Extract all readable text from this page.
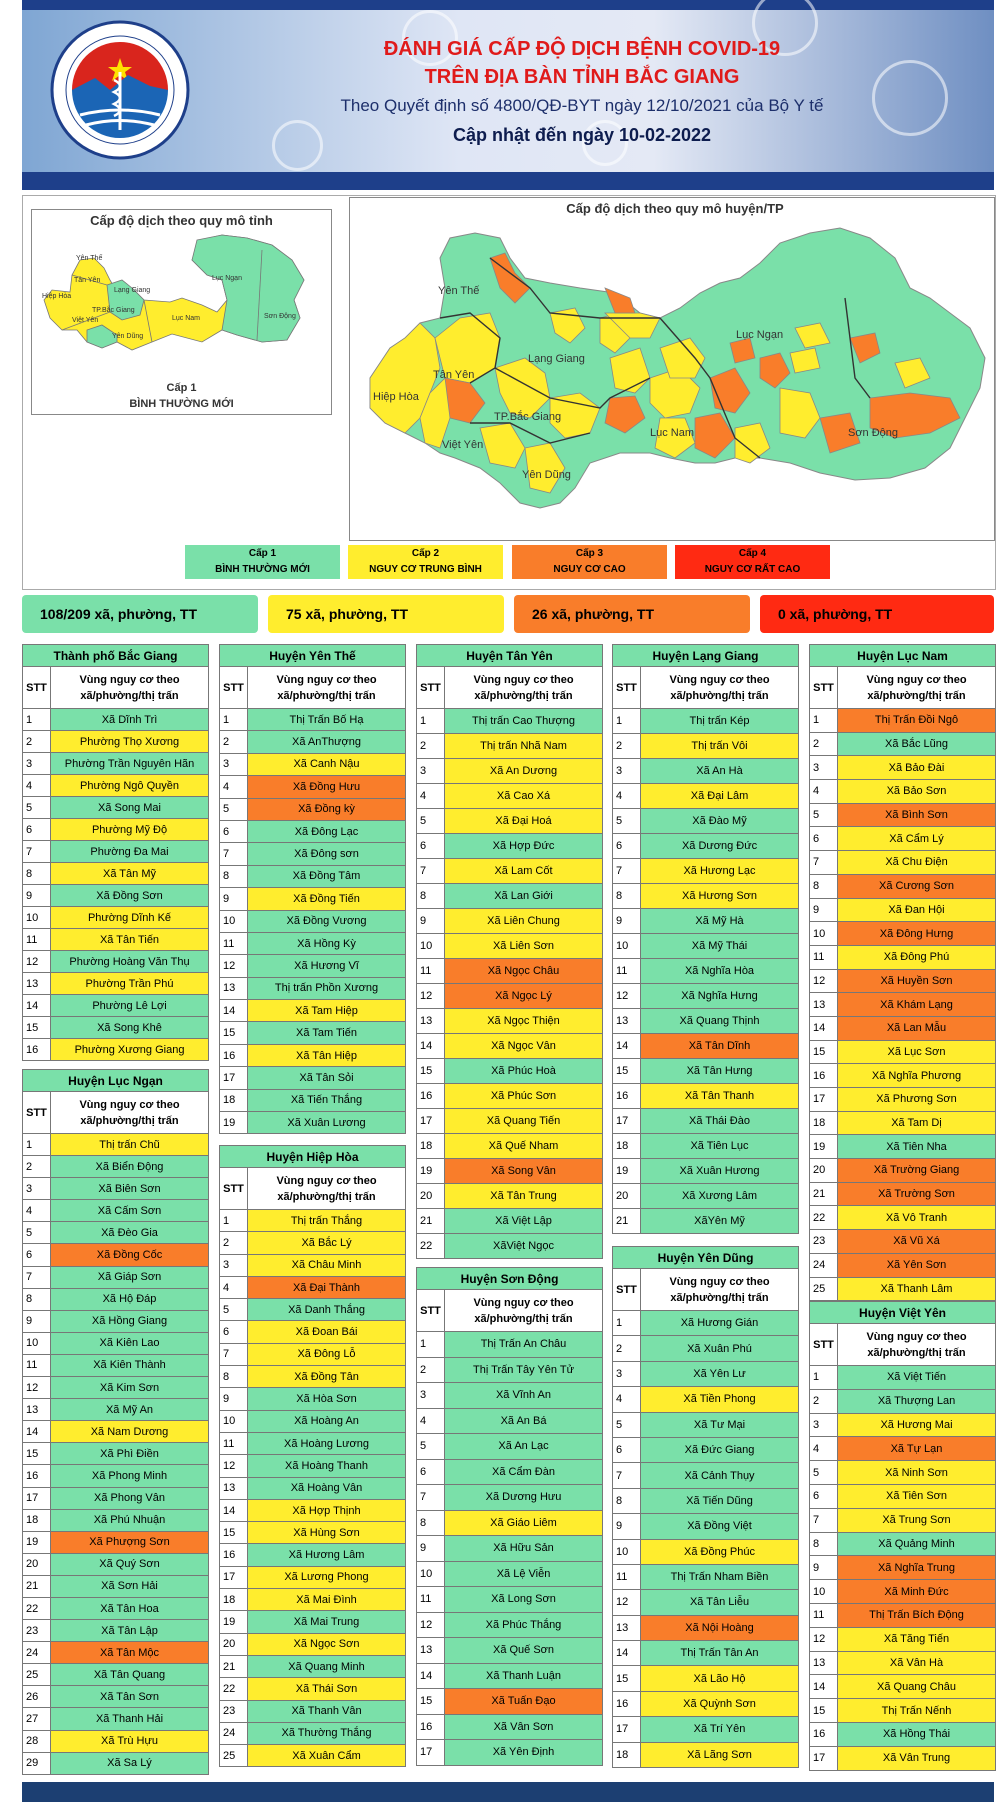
ĐÁNH GIÁ CẤP ĐỘ DỊCH BỆNH COVID-19
TRÊN ĐỊA BÀN TỈNH BẮC GIANG
Theo Quyết định số 4800/QĐ-BYT ngày 12/10/2021 của Bộ Y tế
Cập nhật đến ngày 10-02-2022
Cấp độ dịch theo quy mô tỉnh
Yên Thế
Tân Yên
Hiệp Hòa
Việt Yên
TP.Bắc Giang
Lạng Giang
Yên Dũng
Lục Nam
Lục Ngạn
Sơn Động
Cấp 1
BÌNH THƯỜNG MỚI
Cấp độ dịch theo quy mô huyện/TP
Yên Thế
Tân Yên
Hiệp Hòa
Lạng Giang
TP.Bắc Giang
Việt Yên
Yên Dũng
Lục Nam
Lục Ngạn
Sơn Động
Cấp 1
BÌNH THƯỜNG MỚI
Cấp 2
NGUY CƠ TRUNG BÌNH
Cấp 3
NGUY CƠ CAO
Cấp 4
NGUY CƠ RẤT CAO
108/209 xã, phường, TT	75 xã, phường, TT	26 xã, phường, TT	0 xã, phường, TT
Thành phố Bắc Giang	
STT	Vùng nguy cơ theo xã/phường/thị trấn
1	Xã Dĩnh Trì
2	Phường Thọ Xương
3	Phường Trần Nguyên Hãn
4	Phường Ngô Quyền
5	Xã Song Mai
6	Phường Mỹ Độ
7	Phường Đa Mai
8	Xã Tân Mỹ
9	Xã Đồng Sơn
10	Phường Dĩnh Kế
11	Xã Tân Tiến
12	Phường Hoàng Văn Thụ
13	Phường Trần Phú
14	Phường Lê Lợi
15	Xã Song Khê
16	Phường Xương Giang
Huyện Lục Ngạn	
STT	Vùng nguy cơ theo xã/phường/thị trấn
1	Thị trấn Chũ
2	Xã Biển Động
3	Xã Biên Sơn
4	Xã Cấm Sơn
5	Xã Đèo Gia
6	Xã Đồng Cốc
7	Xã Giáp Sơn
8	Xã Hộ Đáp
9	Xã Hồng Giang
10	Xã Kiên Lao
11	Xã Kiên Thành
12	Xã Kim Sơn
13	Xã Mỹ An
14	Xã Nam Dương
15	Xã Phì Điền
16	Xã Phong Minh
17	Xã Phong Vân
18	Xã Phú Nhuận
19	Xã Phượng Sơn
20	Xã Quý Sơn
21	Xã Sơn Hải
22	Xã Tân Hoa
23	Xã Tân Lập
24	Xã Tân Mộc
25	Xã Tân Quang
26	Xã Tân Sơn
27	Xã Thanh Hải
28	Xã Trù Hựu
29	Xã Sa Lý
Huyện Yên Thế	
STT	Vùng nguy cơ theo xã/phường/thị trấn
1	Thị Trấn Bố Hạ
2	Xã AnThượng
3	Xã Canh Nậu
4	Xã Đồng Hưu
5	Xã Đồng kỳ
6	Xã Đông Lạc
7	Xã Đông sơn
8	Xã Đồng Tâm
9	Xã Đồng Tiến
10	Xã Đồng Vương
11	Xã Hồng Kỳ
12	Xã Hương Vĩ
13	Thị trấn Phồn Xương
14	Xã Tam Hiệp
15	Xã Tam Tiến
16	Xã Tân Hiệp
17	Xã Tân Sỏi
18	Xã Tiến Thắng
19	Xã Xuân Lương
Huyện Hiệp Hòa	
STT	Vùng nguy cơ theo xã/phường/thị trấn
1	Thị trấn Thắng
2	Xã Bắc Lý
3	Xã Châu Minh
4	Xã Đại Thành
5	Xã Danh Thắng
6	Xã Đoan Bái
7	Xã Đông Lỗ
8	Xã Đồng Tân
9	Xã Hòa Sơn
10	Xã Hoàng An
11	Xã Hoàng Lương
12	Xã Hoàng Thanh
13	Xã Hoàng Vân
14	Xã Hợp Thịnh
15	Xã Hùng Sơn
16	Xã Hương Lâm
17	Xã Lương Phong
18	Xã Mai Đình
19	Xã Mai Trung
20	Xã Ngọc Sơn
21	Xã Quang Minh
22	Xã Thái Sơn
23	Xã Thanh Vân
24	Xã Thường Thắng
25	Xã Xuân Cẩm
Huyện Tân Yên	
STT	Vùng nguy cơ theo xã/phường/thị trấn
1	Thị trấn Cao Thượng
2	Thị trấn Nhã Nam
3	Xã An Dương
4	Xã Cao Xá
5	Xã Đại Hoá
6	Xã Hợp Đức
7	Xã Lam Cốt
8	Xã Lan Giới
9	Xã Liên Chung
10	Xã Liên Sơn
11	Xã Ngọc Châu
12	Xã Ngọc Lý
13	Xã Ngọc Thiện
14	Xã Ngọc Vân
15	Xã Phúc Hoà
16	Xã Phúc Sơn
17	Xã Quang Tiến
18	Xã Quế Nham
19	Xã Song Vân
20	Xã Tân Trung
21	Xã Việt Lập
22	XãViệt Ngọc
Huyện Sơn Động	
STT	Vùng nguy cơ theo xã/phường/thị trấn
1	Thị Trấn An Châu
2	Thị Trấn Tây Yên Tử
3	Xã Vĩnh An
4	Xã An Bá
5	Xã An Lạc
6	Xã Cẩm Đàn
7	Xã Dương Hưu
8	Xã Giáo Liêm
9	Xã Hữu Sản
10	Xã Lệ Viễn
11	Xã Long Sơn
12	Xã Phúc Thắng
13	Xã Quế Sơn
14	Xã Thanh Luận
15	Xã Tuấn Đạo
16	Xã Vân Sơn
17	Xã Yên Định
Huyện Lạng Giang	
STT	Vùng nguy cơ theo xã/phường/thị trấn
1	Thị trấn Kép
2	Thị trấn Vôi
3	Xã An Hà
4	Xã Đại Lâm
5	Xã Đào Mỹ
6	Xã Dương Đức
7	Xã Hương Lạc
8	Xã Hương Sơn
9	Xã Mỹ Hà
10	Xã Mỹ Thái
11	Xã Nghĩa Hòa
12	Xã Nghĩa Hưng
13	Xã Quang Thịnh
14	Xã Tân Dĩnh
15	Xã Tân Hưng
16	Xã Tân Thanh
17	Xã Thái Đào
18	Xã Tiên Lục
19	Xã Xuân Hương
20	Xã Xương Lâm
21	XãYên Mỹ
Huyện Yên Dũng	
STT	Vùng nguy cơ theo xã/phường/thị trấn
1	Xã Hương Gián
2	Xã Xuân Phú
3	Xã Yên Lư
4	Xã Tiền Phong
5	Xã Tư Mại
6	Xã Đức Giang
7	Xã Cảnh Thụy
8	Xã Tiến Dũng
9	Xã Đồng Việt
10	Xã Đồng Phúc
11	Thị Trấn Nham Biền
12	Xã Tân Liễu
13	Xã Nội Hoàng
14	Thị Trấn Tân An
15	Xã Lão Hộ
16	Xã Quỳnh Sơn
17	Xã Trí Yên
18	Xã Lãng Sơn
Huyện Lục Nam	
STT	Vùng nguy cơ theo xã/phường/thị trấn
1	Thị Trấn Đồi Ngô
2	Xã Bắc Lũng
3	Xã Bảo Đài
4	Xã Bảo Sơn
5	Xã Bình Sơn
6	Xã Cẩm Lý
7	Xã Chu Điện
8	Xã Cương Sơn
9	Xã Đan Hội
10	Xã Đông Hưng
11	Xã Đông Phú
12	Xã Huyền Sơn
13	Xã Khám Lạng
14	Xã Lan Mẫu
15	Xã Lục Sơn
16	Xã Nghĩa Phương
17	Xã Phương Sơn
18	Xã Tam Dị
19	Xã Tiên Nha
20	Xã Trường Giang
21	Xã Trường Sơn
22	Xã Vô Tranh
23	Xã Vũ Xá
24	Xã Yên Sơn
25	Xã Thanh Lâm
Huyện Việt Yên	
STT	Vùng nguy cơ theo xã/phường/thị trấn
1	Xã Việt Tiến
2	Xã Thượng Lan
3	Xã Hương Mai
4	Xã Tự Lạn
5	Xã Ninh Sơn
6	Xã Tiên Sơn
7	Xã Trung Sơn
8	Xã Quảng Minh
9	Xã Nghĩa Trung
10	Xã Minh Đức
11	Thị Trấn Bích Động
12	Xã Tăng Tiến
13	Xã Vân Hà
14	Xã Quang Châu
15	Thị Trấn Nếnh
16	Xã Hồng Thái
17	Xã Vân Trung
